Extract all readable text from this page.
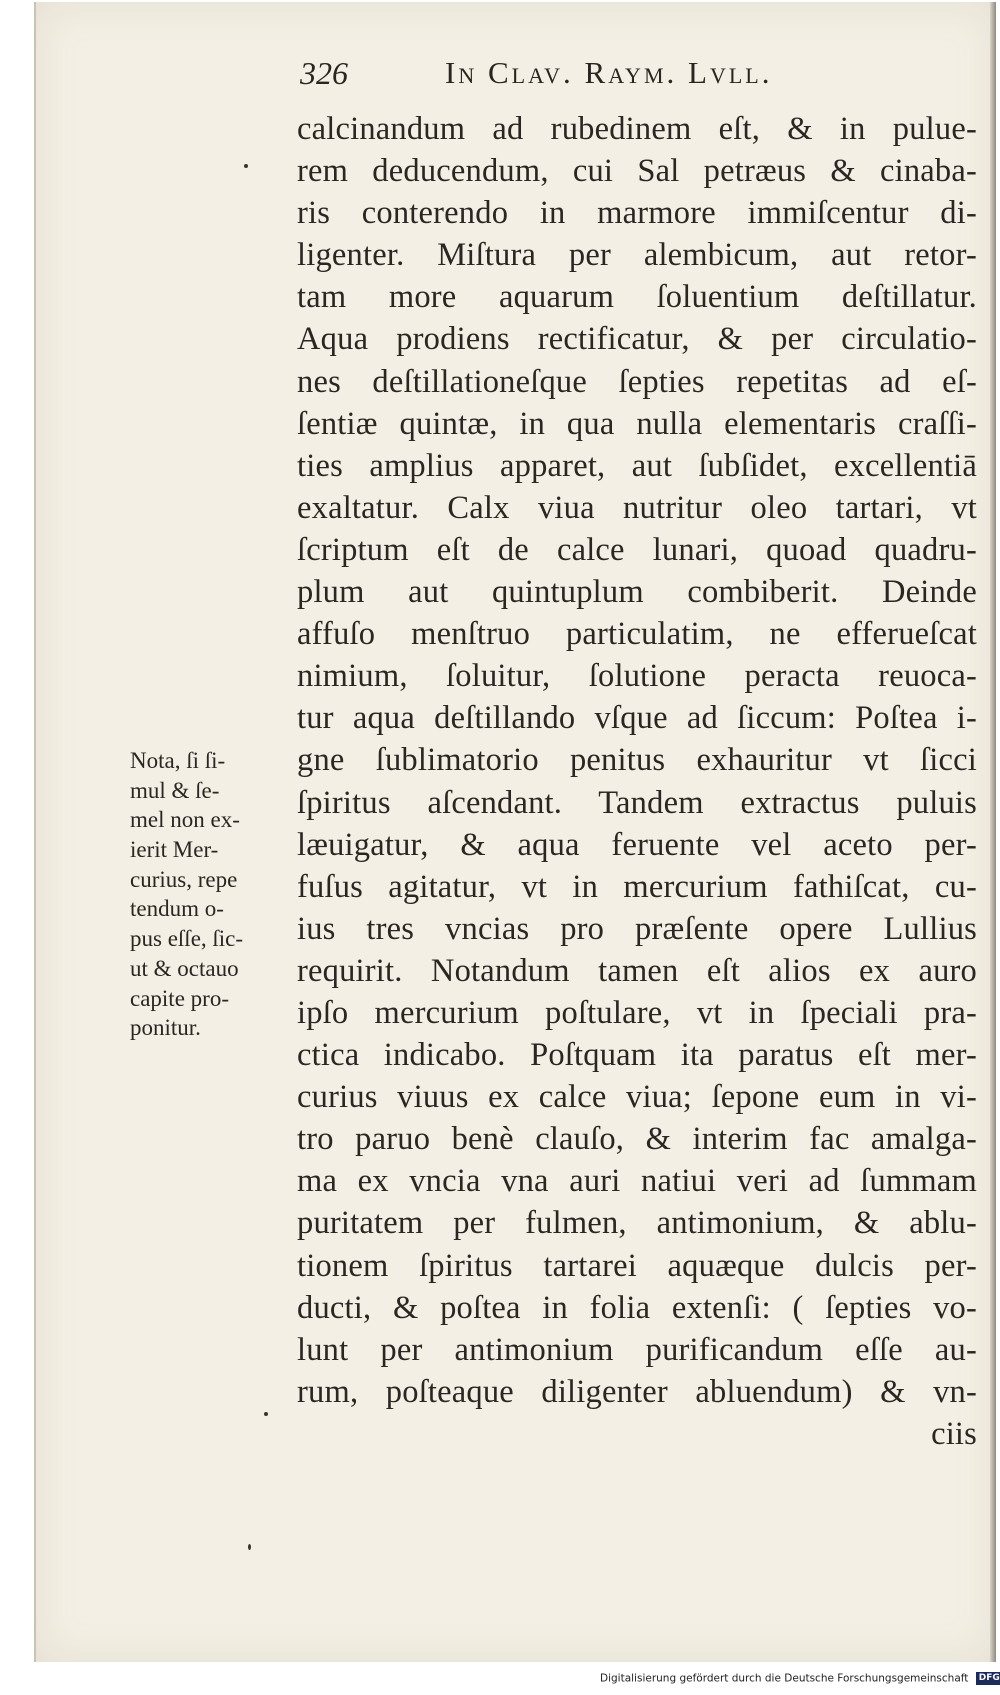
326	In Clav. Raym. Lvll.
calcinandum ad rubedinem eſt, & in pulue-
rem deducendum, cui Sal petræus & cinaba-
ris conterendo in marmore immiſcentur di-
ligenter. Miſtura per alembicum, aut retor-
tam more aquarum ſoluentium deſtillatur.
Aqua prodiens rectificatur, & per circulatio-
nes deſtillationeſque ſepties repetitas ad eſ-
ſentiæ quintæ, in qua nulla elementaris craſſi-
ties amplius apparet, aut ſubſidet, excellentiā
exaltatur. Calx viua nutritur oleo tartari, vt
ſcriptum eſt de calce lunari, quoad quadru-
plum aut quintuplum combiberit. Deinde
affuſo menſtruo particulatim, ne efferueſcat
nimium, ſoluitur, ſolutione peracta reuoca-
tur aqua deſtillando vſque ad ſiccum: Poſtea i-
gne ſublimatorio penitus exhauritur vt ſicci
ſpiritus aſcendant. Tandem extractus puluis
læuigatur, & aqua feruente vel aceto per-
fuſus agitatur, vt in mercurium fathiſcat, cu-
ius tres vncias pro præſente opere Lullius
requirit. Notandum tamen eſt alios ex auro
ipſo mercurium poſtulare, vt in ſpeciali pra-
ctica indicabo. Poſtquam ita paratus eſt mer-
curius viuus ex calce viua; ſepone eum in vi-
tro paruo benè clauſo, & interim fac amalga-
ma ex vncia vna auri natiui veri ad ſummam
puritatem per fulmen, antimonium, & ablu-
tionem ſpiritus tartarei aquæque dulcis per-
ducti, & poſtea in folia extenſi: ( ſepties vo-
lunt per antimonium purificandum eſſe au-
rum, poſteaque diligenter abluendum) & vn-
ciis
Nota, ſi ſi-
mul & ſe-
mel non ex-
ierit Mer-
curius, repe
tendum o-
pus eſſe, ſic-
ut & octauo
capite pro-
ponitur.
Digitalisierung gefördert durch die Deutsche Forschungsgemeinschaft DFG
